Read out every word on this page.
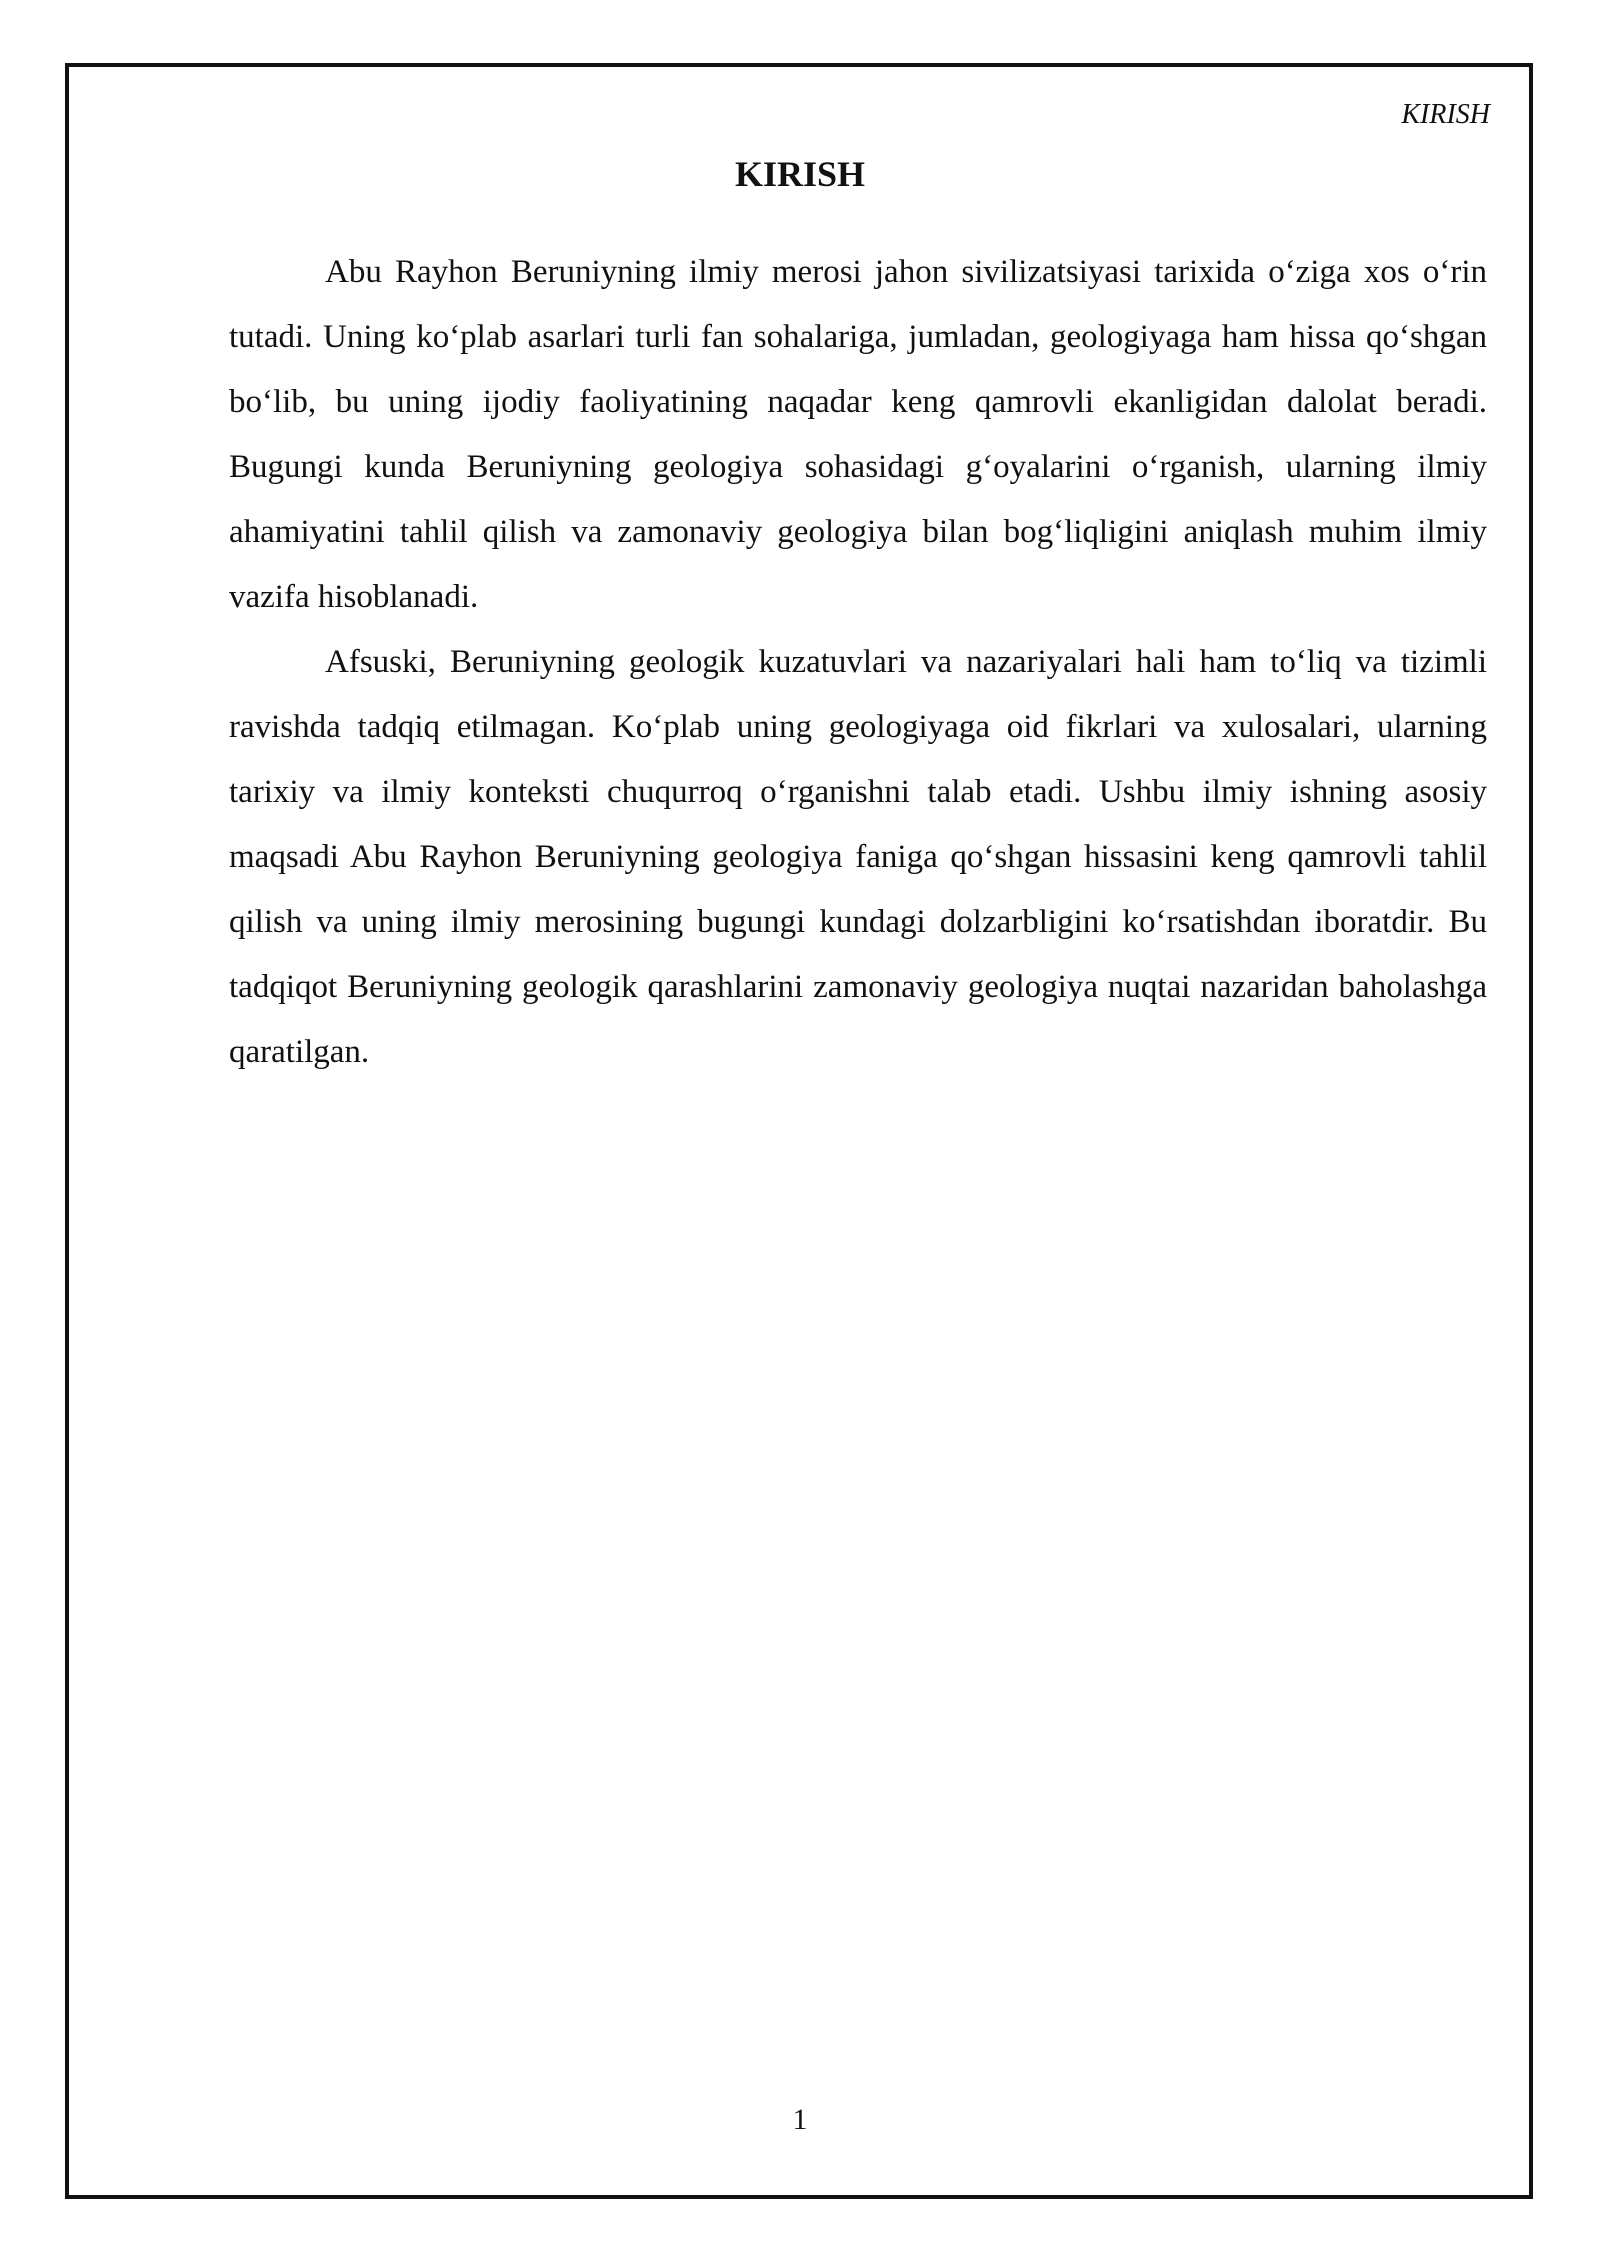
KIRISH
KIRISH

Abu Rayhon Beruniyning ilmiy merosi jahon sivilizatsiyasi tarixida o‘ziga xos o‘rin tutadi. Uning ko‘plab asarlari turli fan sohalariga, jumladan, geologiyaga ham hissa qo‘shgan bo‘lib, bu uning ijodiy faoliyatining naqadar keng qamrovli ekanligidan dalolat beradi. Bugungi kunda Beruniyning geologiya sohasidagi g‘oyalarini o‘rganish, ularning ilmiy ahamiyatini tahlil qilish va zamonaviy geologiya bilan bog‘liqligini aniqlash muhim ilmiy vazifa hisoblanadi.

Afsuski, Beruniyning geologik kuzatuvlari va nazariyalari hali ham to‘liq va tizimli ravishda tadqiq etilmagan. Ko‘plab uning geologiyaga oid fikrlari va xulosalari, ularning tarixiy va ilmiy konteksti chuqurroq o‘rganishni talab etadi. Ushbu ilmiy ishning asosiy maqsadi Abu Rayhon Beruniyning geologiya faniga qo‘shgan hissasini keng qamrovli tahlil qilish va uning ilmiy merosining bugungi kundagi dolzarbligini ko‘rsatishdan iboratdir. Bu tadqiqot Beruniyning geologik qarashlarini zamonaviy geologiya nuqtai nazaridan baholashga qaratilgan.

1
